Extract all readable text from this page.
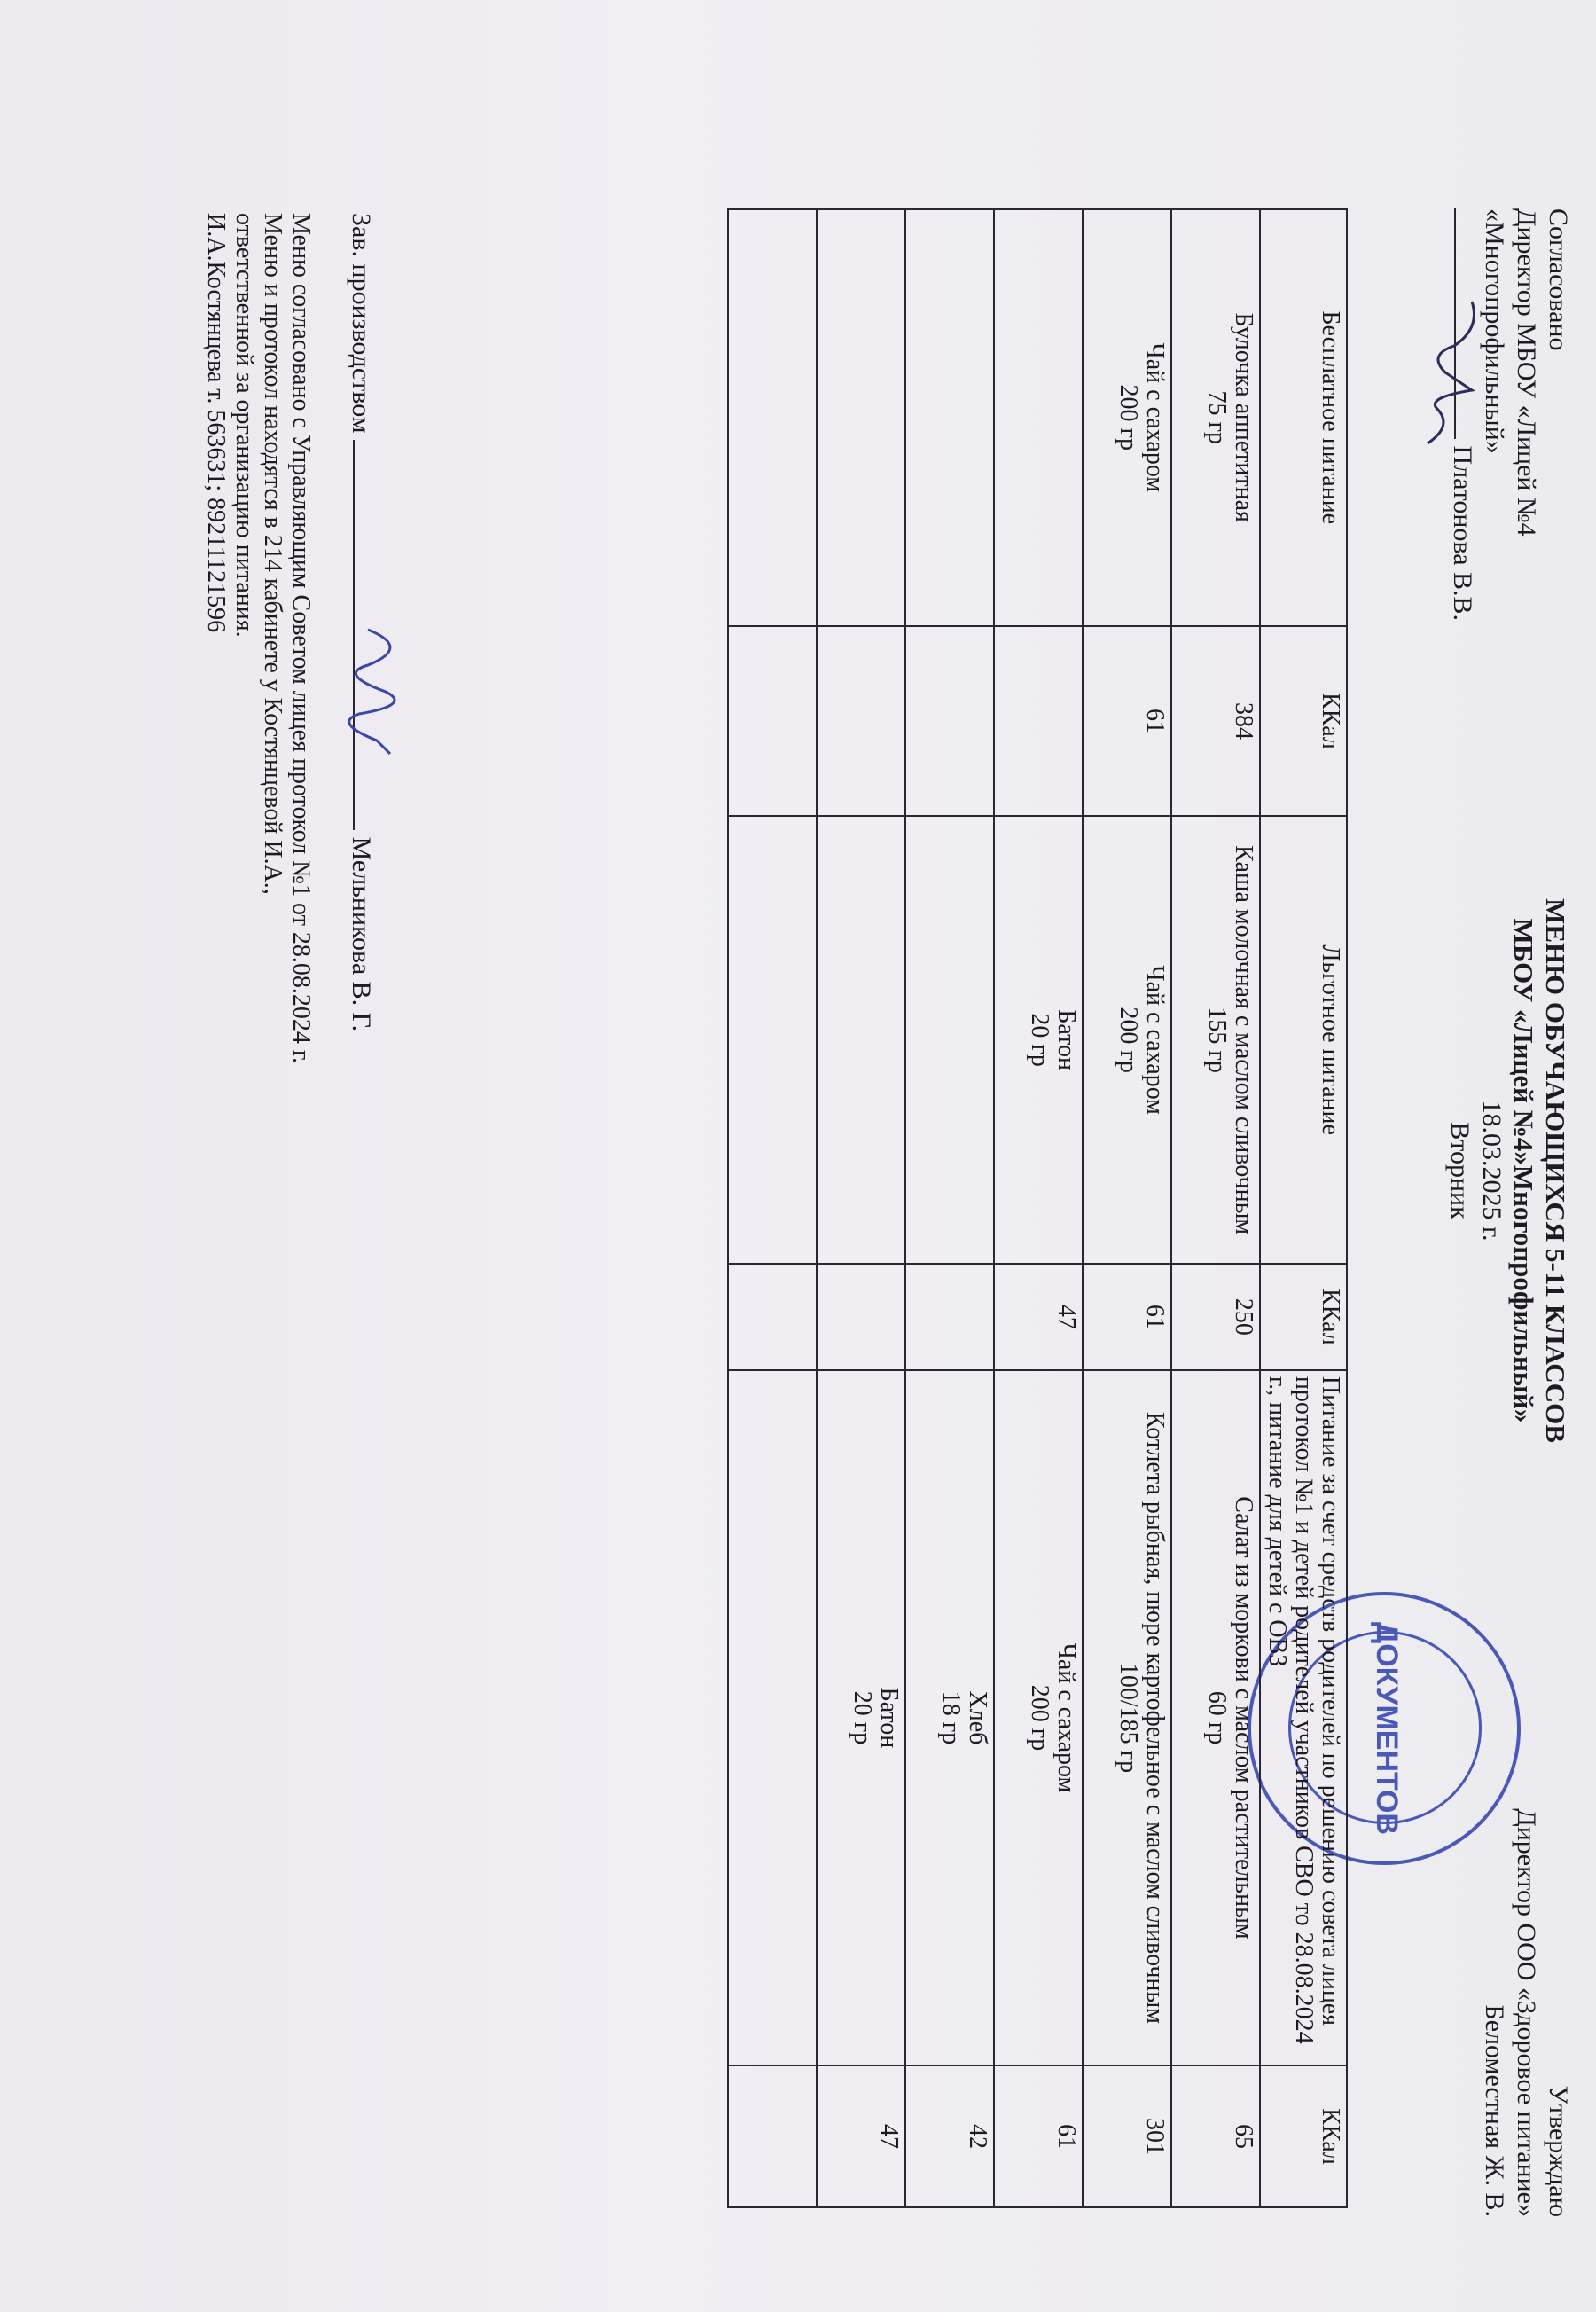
Согласовано
Директор МБОУ «Лицей №4
«Многопрофильный»
Платонова В.В.
МЕНЮ ОБУЧАЮЩИХСЯ 5-11 КЛАССОВ
МБОУ «Лицей №4»Многопрофильный»
18.03.2025 г.
Вторник
Утверждаю
Директор ООО «Здоровое питание»
Беломестная Ж. В.
ДОКУМЕНТОВ
Бесплатное питание	ККал	Льготное питание	ККал	Питание за счет средств родителей по решению совета лицея протокол №1 и детей родителей участников СВО то 28.08.2024 г., питание для детей с ОВЗ	ККал
Булочка аппетитная
75 гр	384	Каша молочная с маслом сливочным
155 гр	250	Салат из моркови с маслом растительным
60 гр	65
Чай с сахаром
200 гр	61	Чай с сахаром
200 гр	61	Котлета рыбная, пюре картофельное с маслом сливочным
100/185 гр	301
		Батон
20 гр	47	Чай с сахаром
200 гр	61
				Хлеб
18 гр	42
				Батон
20 гр	47

Зав. производством  Мельникова В. Г.
Меню согласовано с Управляющим Советом лицея протокол №1 от 28.08.2024 г.
Меню и протокол находятся в 214 кабинете у Костянцевой И.А.,
ответственной за организацию питания.
И.А.Костянцева т. 563631; 89211121596
